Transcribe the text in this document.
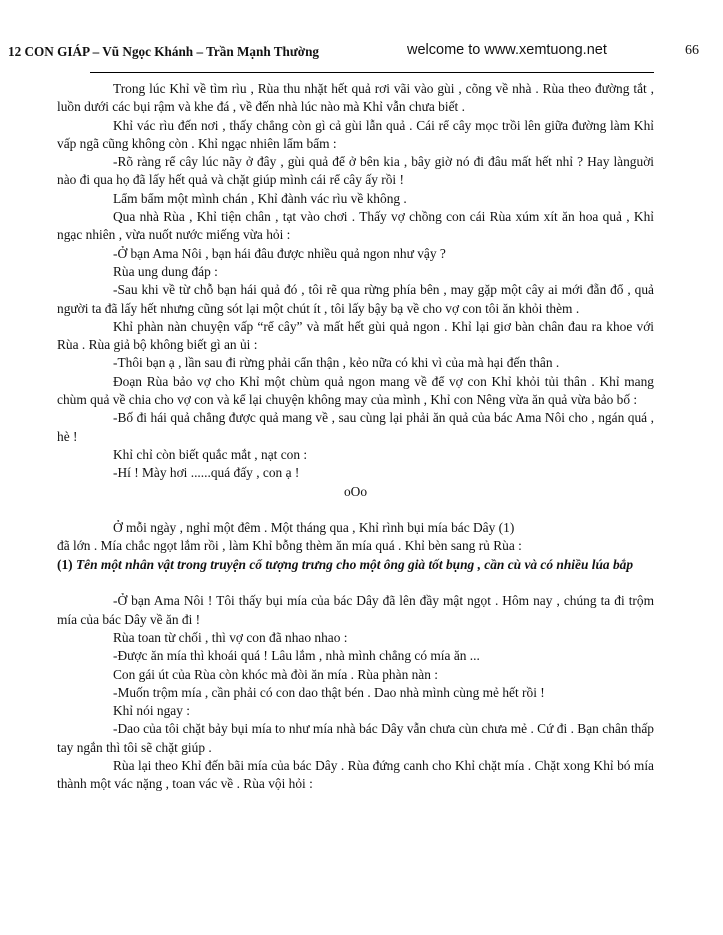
12 CON GIÁP – Vũ Ngọc Khánh – Trần Mạnh Thường	welcome to www.xemtuong.net	66

Trong lúc Khỉ về tìm rìu , Rùa thu nhặt hết quả rơi vãi vào gùi , cõng về nhà . Rùa theo đường tắt , luồn dưới các bụi rậm và khe đá , về đến nhà lúc nào mà Khỉ vẫn chưa biết .

Khỉ vác rìu đến nơi , thấy chẳng còn gì cả gùi lẫn quả . Cái rể cây mọc trồi lên giữa đường làm Khỉ vấp ngã cũng không còn . Khỉ ngạc nhiên lẩm bẩm :

-Rõ ràng rể cây lúc nãy ở đây , gùi quả để ở bên kia , bây giờ nó đi đâu mất hết nhỉ ? Hay lànguời nào đi qua họ đã lấy hết quả và chặt giúp mình cái rể cây ấy rồi !

Lẩm bẩm một mình chán , Khỉ đành vác rìu về không .

Qua nhà Rùa , Khỉ tiện chân , tạt vào chơi . Thấy vợ chồng con cái Rùa xúm xít ăn hoa quả , Khỉ ngạc nhiên , vừa nuốt nước miếng vừa hỏi :

-Ở bạn Ama Nôi , bạn hái đâu được nhiều quả ngon như vậy ?

Rùa ung dung đáp :

-Sau khi về từ chỗ bạn hái quả đó , tôi rẽ qua rừng phía bên , may gặp một cây ai mới đẵn đổ , quả người ta đã lấy hết nhưng cũng sót lại một chút ít , tôi lấy bậy bạ về cho vợ con tôi ăn khỏi thèm .

Khỉ phàn nàn chuyện vấp “rể cây” và mất hết gùi quả ngon . Khỉ lại giơ bàn chân đau ra khoe với Rùa . Rùa giả bộ không biết gì an ủi :

-Thôi bạn ạ , lần sau đi rừng phải cẩn thận , kẻo nữa có khi vì của mà hại đến thân .

Đoạn Rùa bảo vợ cho Khỉ một chùm quả ngon mang về để vợ con Khỉ khỏi tủi thân . Khỉ mang chùm quả về chia cho vợ con và kể lại chuyện không may của mình , Khỉ con Nêng vừa ăn quả vừa bảo bố :

-Bố đi hái quả chẳng được quả mang về , sau cùng lại phải ăn quả của bác Ama Nôi cho , ngán quá , hè !

Khỉ chỉ còn biết quắc mắt , nạt con :

-Hí ! Mày hơi ......quá đấy , con ạ !

oOo

Ở mỗi ngày , nghỉ một đêm . Một tháng qua , Khỉ rình bụi mía bác Dây (1)

đã lớn . Mía chắc ngọt lắm rồi , làm Khỉ bỗng thèm ăn mía quá . Khỉ bèn sang rủ Rùa :

(1) Tên một nhân vật trong truyện cổ tượng trưng cho một ông già tốt bụng , cần cù và có nhiều lúa bắp

-Ở bạn Ama Nôi ! Tôi thấy bụi mía của bác Dây đã lên đầy mật ngọt . Hôm nay , chúng ta đi trộm mía của bác Dây về ăn đi !

Rùa toan từ chối , thì vợ con đã nhao nhao :

-Được ăn mía thì khoái quá ! Lâu lắm , nhà mình chẳng có mía ăn ...

Con gái út của Rùa còn khóc mà đòi ăn mía . Rùa phàn nàn :

-Muốn trộm mía , cần phải có con dao thật bén . Dao nhà mình cùng mẻ hết rồi !

Khỉ nói ngay :

-Dao của tôi chặt bảy bụi mía to như mía nhà bác Dây vẫn chưa cùn chưa mẻ . Cứ đi . Bạn chân thấp tay ngắn thì tôi sẽ chặt giúp .

Rùa lại theo Khỉ đến bãi mía của bác Dây . Rùa đứng canh cho Khỉ chặt mía . Chặt xong Khỉ bó mía thành một vác nặng , toan vác về . Rùa vội hỏi :
